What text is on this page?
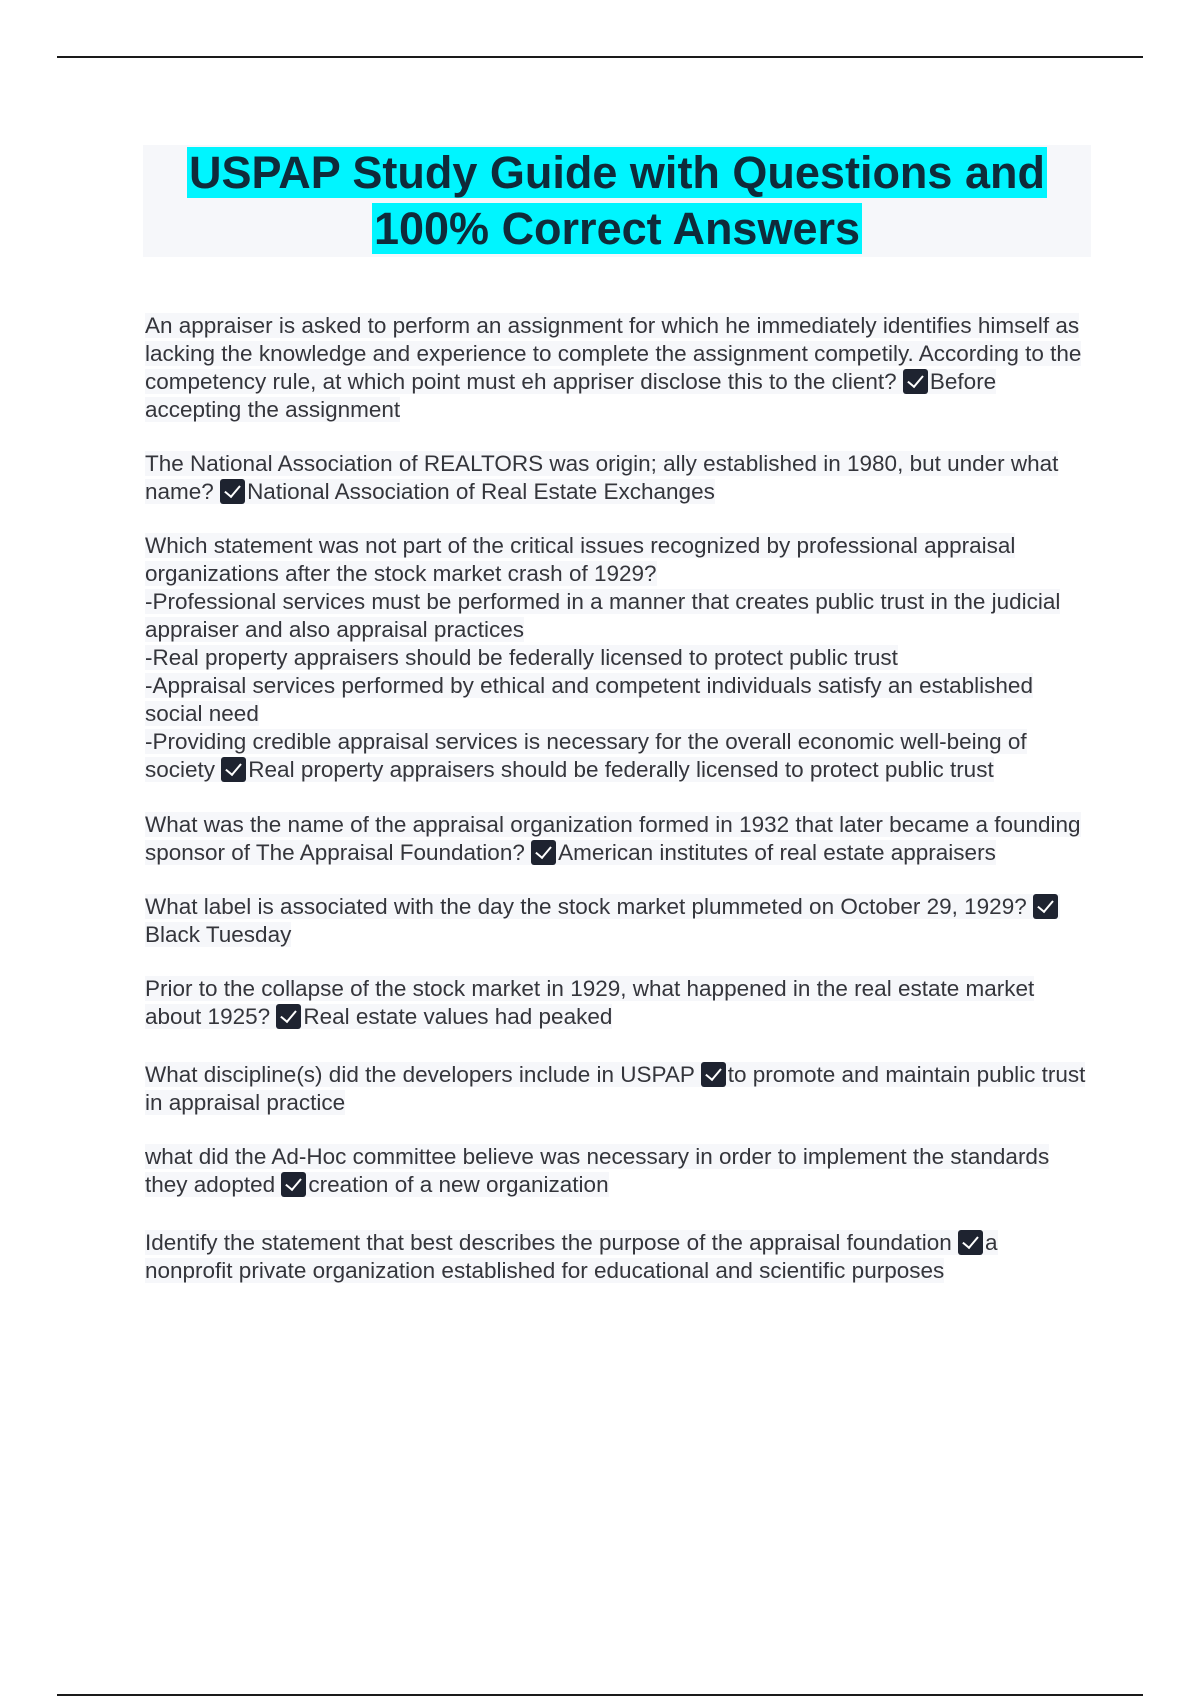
USPAP Study Guide with Questions and
100% Correct Answers

An appraiser is asked to perform an assignment for which he immediately identifies himself as lacking the knowledge and experience to complete the assignment competily. According to the competency rule, at which point must eh appriser disclose this to the client? Before accepting the assignment

The National Association of REALTORS was origin; ally established in 1980, but under what name? National Association of Real Estate Exchanges

Which statement was not part of the critical issues recognized by professional appraisal organizations after the stock market crash of 1929?
-Professional services must be performed in a manner that creates public trust in the judicial appraiser and also appraisal practices
-Real property appraisers should be federally licensed to protect public trust
-Appraisal services performed by ethical and competent individuals satisfy an established social need
-Providing credible appraisal services is necessary for the overall economic well-being of society Real property appraisers should be federally licensed to protect public trust

What was the name of the appraisal organization formed in 1932 that later became a founding sponsor of The Appraisal Foundation? American institutes of real estate appraisers

What label is associated with the day the stock market plummeted on October 29, 1929? Black Tuesday

Prior to the collapse of the stock market in 1929, what happened in the real estate market about 1925? Real estate values had peaked

What discipline(s) did the developers include in USPAP to promote and maintain public trust in appraisal practice

what did the Ad-Hoc committee believe was necessary in order to implement the standards they adopted creation of a new organization

Identify the statement that best describes the purpose of the appraisal foundation a nonprofit private organization established for educational and scientific purposes
